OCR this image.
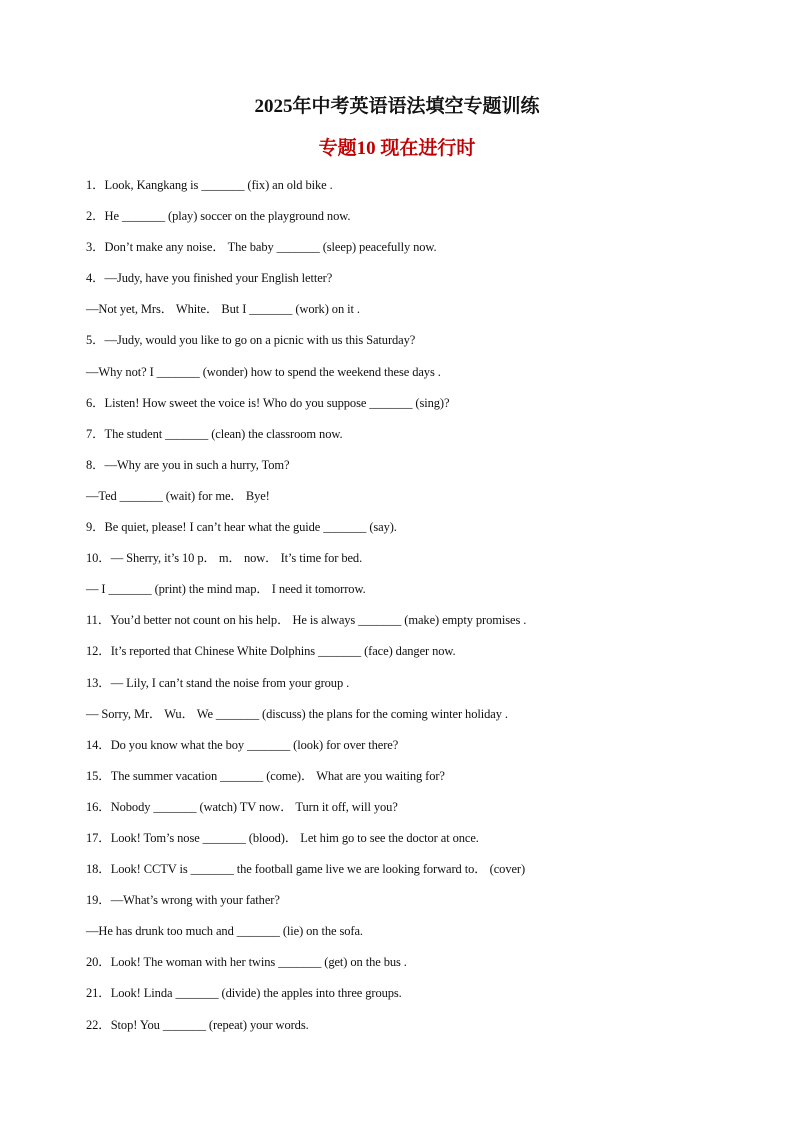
2025年中考英语语法填空专题训练
专题10 现在进行时
1．Look, Kangkang is _______ (fix) an old bike .
2．He _______ (play) soccer on the playground now.
3．Don’t make any noise． The baby _______ (sleep) peacefully now.
4．—Judy, have you finished your English letter?
—Not yet, Mrs． White． But I _______ (work) on it .
5．—Judy, would you like to go on a picnic with us this Saturday?
—Why not? I _______ (wonder) how to spend the weekend these days .
6．Listen! How sweet the voice is! Who do you suppose _______ (sing)?
7．The student _______ (clean) the classroom now.
8．—Why are you in such a hurry, Tom?
—Ted _______ (wait) for me． Bye!
9．Be quiet, please! I can’t hear what the guide _______ (say).
10．— Sherry, it’s 10 p． m． now． It’s time for bed.
— I _______ (print) the mind map． I need it tomorrow.
11．You’d better not count on his help． He is always _______ (make) empty promises .
12．It’s reported that Chinese White Dolphins _______ (face) danger now.
13．— Lily, I can’t stand the noise from your group .
— Sorry, Mr． Wu． We _______ (discuss) the plans for the coming winter holiday .
14．Do you know what the boy _______ (look) for over there?
15．The summer vacation _______ (come)． What are you waiting for?
16．Nobody _______ (watch) TV now． Turn it off, will you?
17．Look! Tom’s nose _______ (blood)． Let him go to see the doctor at once.
18．Look! CCTV is _______ the football game live we are looking forward to． (cover)
19．—What’s wrong with your father?
—He has drunk too much and _______ (lie) on the sofa.
20．Look! The woman with her twins _______ (get) on the bus .
21．Look! Linda _______ (divide) the apples into three groups.
22．Stop! You _______ (repeat) your words.
